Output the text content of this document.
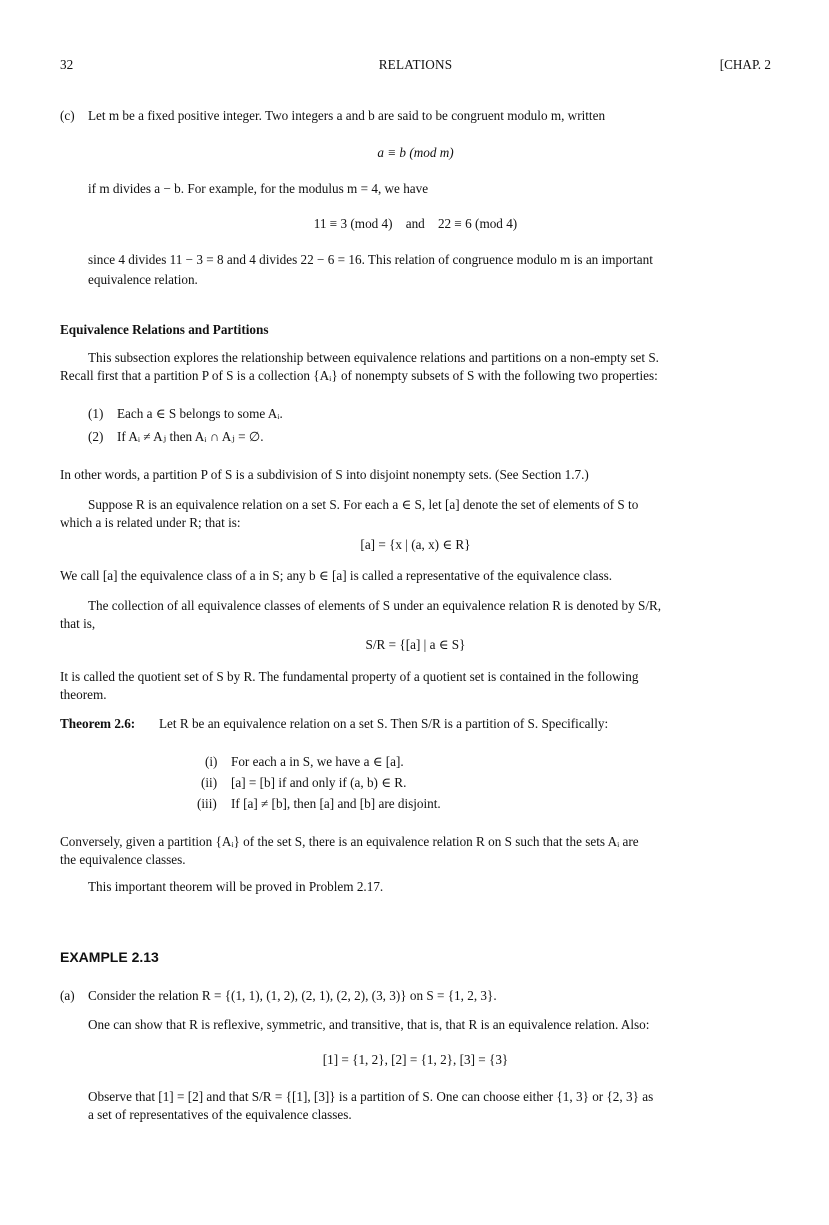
32	RELATIONS	[CHAP. 2
(c) Let m be a fixed positive integer. Two integers a and b are said to be congruent modulo m, written
a ≡ b (mod m)
if m divides a − b. For example, for the modulus m = 4, we have
11 ≡ 3 (mod 4)    and    22 ≡ 6 (mod 4)
since 4 divides 11 − 3 = 8 and 4 divides 22 − 6 = 16. This relation of congruence modulo m is an important
equivalence relation.
Equivalence Relations and Partitions
This subsection explores the relationship between equivalence relations and partitions on a non-empty set S.
Recall first that a partition P of S is a collection {Aᵢ} of nonempty subsets of S with the following two properties:
(1) Each a ∈ S belongs to some Aᵢ.
(2) If Aᵢ ≠ Aⱼ then Aᵢ ∩ Aⱼ = ∅.
In other words, a partition P of S is a subdivision of S into disjoint nonempty sets. (See Section 1.7.)
Suppose R is an equivalence relation on a set S. For each a ∈ S, let [a] denote the set of elements of S to
which a is related under R; that is:
[a] = {x | (a, x) ∈ R}
We call [a] the equivalence class of a in S; any b ∈ [a] is called a representative of the equivalence class.
The collection of all equivalence classes of elements of S under an equivalence relation R is denoted by S/R,
that is,
S/R = {[a] | a ∈ S}
It is called the quotient set of S by R. The fundamental property of a quotient set is contained in the following
theorem.
Theorem 2.6: Let R be an equivalence relation on a set S. Then S/R is a partition of S. Specifically:
(i) For each a in S, we have a ∈ [a].
(ii) [a] = [b] if and only if (a, b) ∈ R.
(iii) If [a] ≠ [b], then [a] and [b] are disjoint.
Conversely, given a partition {Aᵢ} of the set S, there is an equivalence relation R on S such that the sets Aᵢ are
the equivalence classes.
This important theorem will be proved in Problem 2.17.
EXAMPLE 2.13
(a) Consider the relation R = {(1, 1), (1, 2), (2, 1), (2, 2), (3, 3)} on S = {1, 2, 3}.
One can show that R is reflexive, symmetric, and transitive, that is, that R is an equivalence relation. Also:
[1] = {1, 2}, [2] = {1, 2}, [3] = {3}
Observe that [1] = [2] and that S/R = {[1], [3]} is a partition of S. One can choose either {1, 3} or {2, 3} as
a set of representatives of the equivalence classes.
